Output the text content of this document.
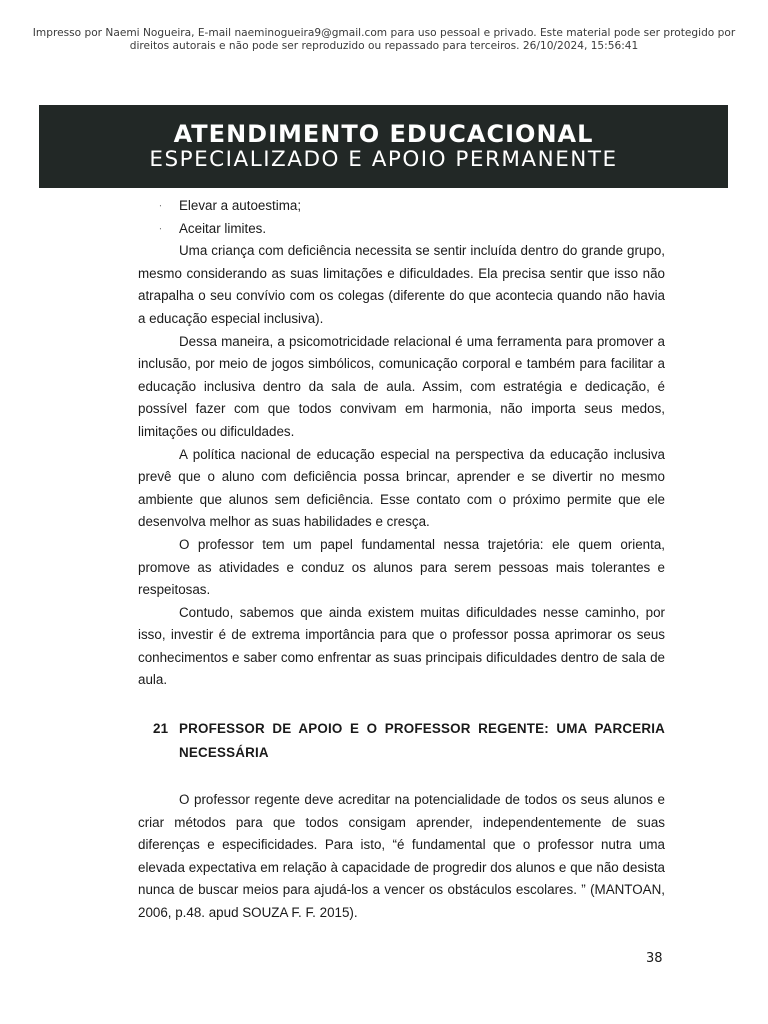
Impresso por Naemi Nogueira, E-mail naeminogueira9@gmail.com para uso pessoal e privado. Este material pode ser protegido por
direitos autorais e não pode ser reproduzido ou repassado para terceiros. 26/10/2024, 15:56:41
ATENDIMENTO EDUCACIONAL
ESPECIALIZADO E APOIO PERMANENTE
‧ Elevar a autoestima;
‧ Aceitar limites.

Uma criança com deficiência necessita se sentir incluída dentro do grande grupo, mesmo considerando as suas limitações e dificuldades. Ela precisa sentir que isso não atrapalha o seu convívio com os colegas (diferente do que acontecia quando não havia a educação especial inclusiva).

Dessa maneira, a psicomotricidade relacional é uma ferramenta para promover a inclusão, por meio de jogos simbólicos, comunicação corporal e também para facilitar a educação inclusiva dentro da sala de aula. Assim, com estratégia e dedicação, é possível fazer com que todos convivam em harmonia, não importa seus medos, limitações ou dificuldades.

A política nacional de educação especial na perspectiva da educação inclusiva prevê que o aluno com deficiência possa brincar, aprender e se divertir no mesmo ambiente que alunos sem deficiência. Esse contato com o próximo permite que ele desenvolva melhor as suas habilidades e cresça.

O professor tem um papel fundamental nessa trajetória: ele quem orienta, promove as atividades e conduz os alunos para serem pessoas mais tolerantes e respeitosas.

Contudo, sabemos que ainda existem muitas dificuldades nesse caminho, por isso, investir é de extrema importância para que o professor possa aprimorar os seus conhecimentos e saber como enfrentar as suas principais dificuldades dentro de sala de aula.

21 PROFESSOR DE APOIO E O PROFESSOR REGENTE: UMA PARCERIA NECESSÁRIA

O professor regente deve acreditar na potencialidade de todos os seus alunos e criar métodos para que todos consigam aprender, independentemente de suas diferenças e especificidades. Para isto, “é fundamental que o professor nutra uma elevada expectativa em relação à capacidade de progredir dos alunos e que não desista nunca de buscar meios para ajudá-los a vencer os obstáculos escolares. ” (MANTOAN, 2006, p.48. apud SOUZA F. F. 2015).

38
